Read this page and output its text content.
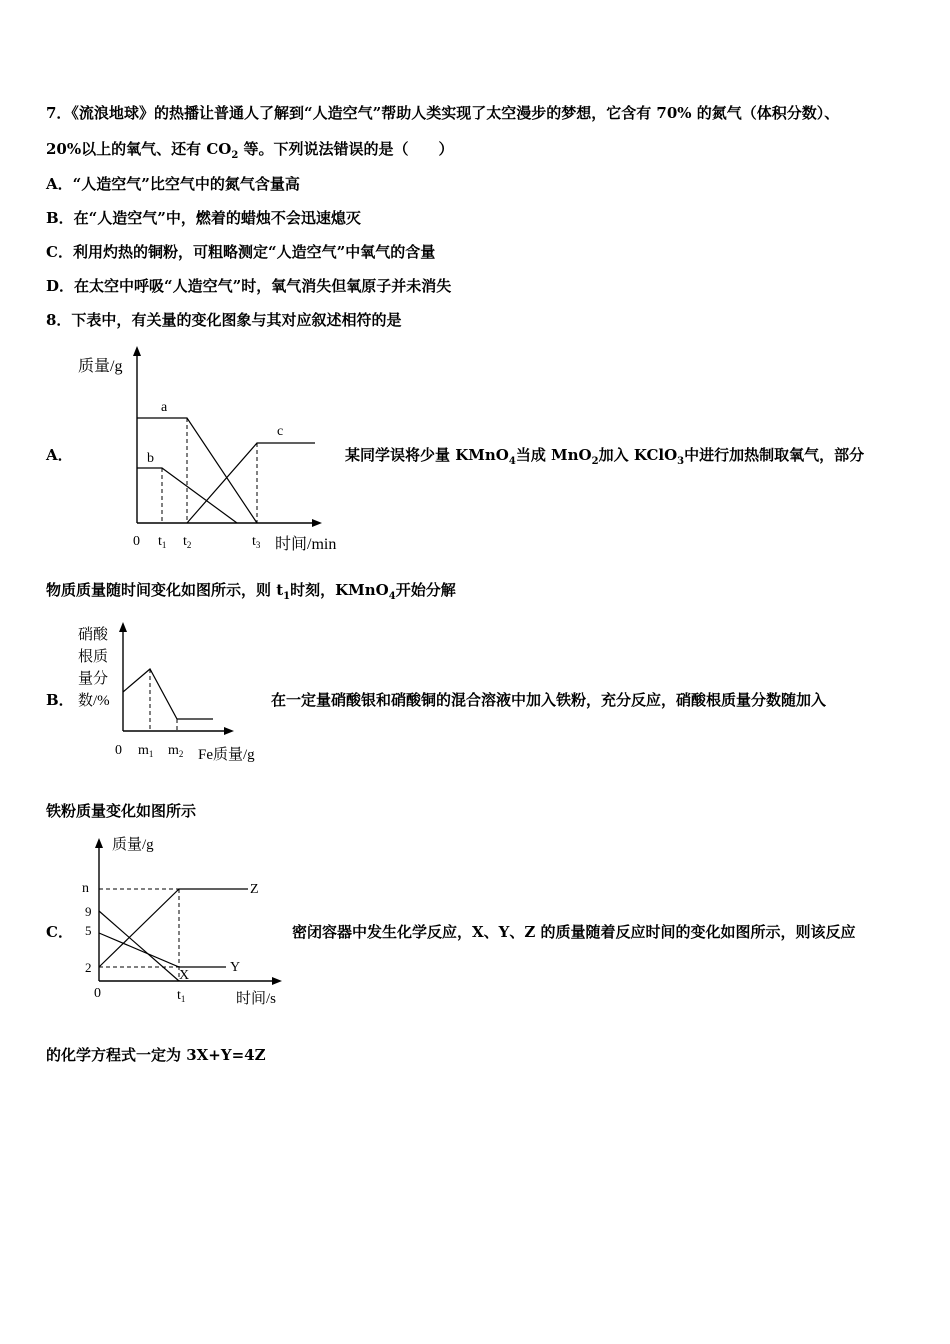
7．《流浪地球》的热播让普通人了解到“人造空气”帮助人类实现了太空漫步的梦想，它含有 70% 的氮气（体积分数）、
20%以上的氧气、还有 $CO_2$ 等。下列说法错误的是（　　）
A．“人造空气”比空气中的氮气含量高
B．在“人造空气”中，燃着的蜡烛不会迅速熄灭
C．利用灼热的铜粉，可粗略测定“人造空气”中氧气的含量
D．在太空中呼吸“人造空气”时，氧气消失但氧原子并未消失
8．下表中，有关量的变化图象与其对应叙述相符的是
A．
质量/g
a
b
c
0 $t_1$ $t_2$	$t_3$ 时间/min
某同学误将少量 KMnO$_4$当成 MnO$_2$加入 KClO$_3$中进行加热制取氧气，部分
物质质量随时间变化如图所示，则 $t_1$时刻，KMnO$_4$开始分解
B．
硝酸
根质
量分
数/%
0 $m_1$ $m_2$ Fe质量/g
在一定量硝酸银和硝酸铜的混合溶液中加入铁粉，充分反应，硝酸根质量分数随加入
铁粉质量变化如图所示
C．
质量/g
n
9
5
2
Z
Y
X
0	$t_1$	时间/s
密闭容器中发生化学反应，X、Y、Z 的质量随着反应时间的变化如图所示，则该反应
的化学方程式一定为 3X+Y=4Z
